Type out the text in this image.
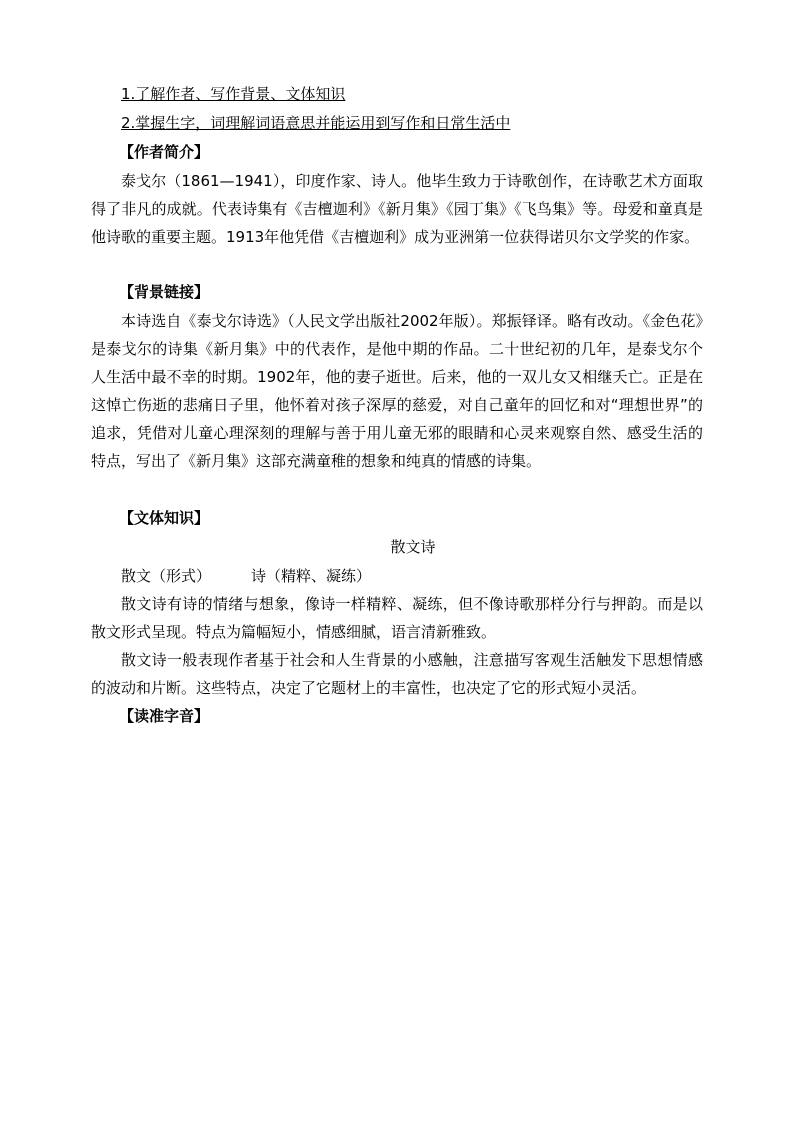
1.了解作者、写作背景、文体知识
2.掌握生字，词理解词语意思并能运用到写作和日常生活中
【作者简介】
泰戈尔（1861—1941），印度作家、诗人。他毕生致力于诗歌创作，在诗歌艺术方面取得了非凡的成就。代表诗集有《吉檀迦利》《新月集》《园丁集》《飞鸟集》等。母爱和童真是他诗歌的重要主题。1913年他凭借《吉檀迦利》成为亚洲第一位获得诺贝尔文学奖的作家。
【背景链接】
本诗选自《泰戈尔诗选》（人民文学出版社2002年版）。郑振铎译。略有改动。《金色花》是泰戈尔的诗集《新月集》中的代表作，是他中期的作品。二十世纪初的几年，是泰戈尔个人生活中最不幸的时期。1902年，他的妻子逝世。后来，他的一双儿女又相继夭亡。正是在这悼亡伤逝的悲痛日子里，他怀着对孩子深厚的慈爱，对自己童年的回忆和对“理想世界”的追求，凭借对儿童心理深刻的理解与善于用儿童无邪的眼睛和心灵来观察自然、感受生活的特点，写出了《新月集》这部充满童稚的想象和纯真的情感的诗集。
【文体知识】
散文诗
散文（形式）	诗（精粹、凝练）
散文诗有诗的情绪与想象，像诗一样精粹、凝练，但不像诗歌那样分行与押韵。而是以散文形式呈现。特点为篇幅短小，情感细腻，语言清新雅致。
散文诗一般表现作者基于社会和人生背景的小感触，注意描写客观生活触发下思想情感的波动和片断。这些特点，决定了它题材上的丰富性，也决定了它的形式短小灵活。
【读准字音】
